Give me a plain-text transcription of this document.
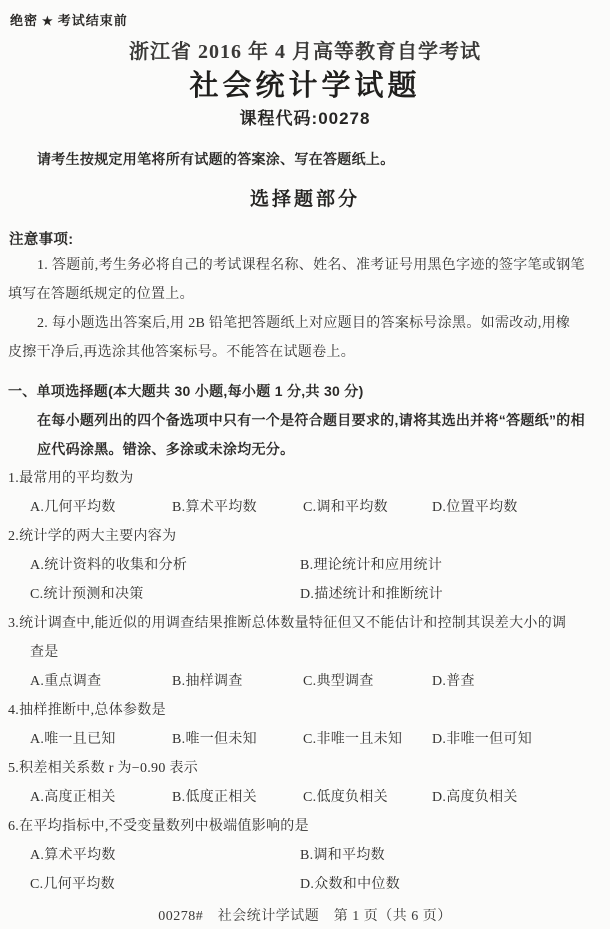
绝密 ★ 考试结束前
浙江省 2016 年 4 月高等教育自学考试
社会统计学试题
课程代码:00278
请考生按规定用笔将所有试题的答案涂、写在答题纸上。
选择题部分
注意事项:
1. 答题前,考生务必将自己的考试课程名称、姓名、准考证号用黑色字迹的签字笔或钢笔
填写在答题纸规定的位置上。
2. 每小题选出答案后,用 2B 铅笔把答题纸上对应题目的答案标号涂黑。如需改动,用橡
皮擦干净后,再选涂其他答案标号。不能答在试题卷上。
一、单项选择题(本大题共 30 小题,每小题 1 分,共 30 分)
在每小题列出的四个备选项中只有一个是符合题目要求的,请将其选出并将“答题纸”的相
应代码涂黑。错涂、多涂或未涂均无分。
1.最常用的平均数为
A.几何平均数	B.算术平均数	C.调和平均数	D.位置平均数
2.统计学的两大主要内容为
A.统计资料的收集和分析	B.理论统计和应用统计
C.统计预测和决策	D.描述统计和推断统计
3.统计调查中,能近似的用调查结果推断总体数量特征但又不能估计和控制其误差大小的调
查是
A.重点调查	B.抽样调查	C.典型调查	D.普查
4.抽样推断中,总体参数是
A.唯一且已知	B.唯一但未知	C.非唯一且未知	D.非唯一但可知
5.积差相关系数 r 为−0.90 表示
A.高度正相关	B.低度正相关	C.低度负相关	D.高度负相关
6.在平均指标中,不受变量数列中极端值影响的是
A.算术平均数	B.调和平均数
C.几何平均数	D.众数和中位数
00278#　社会统计学试题　第 1 页（共 6 页）
